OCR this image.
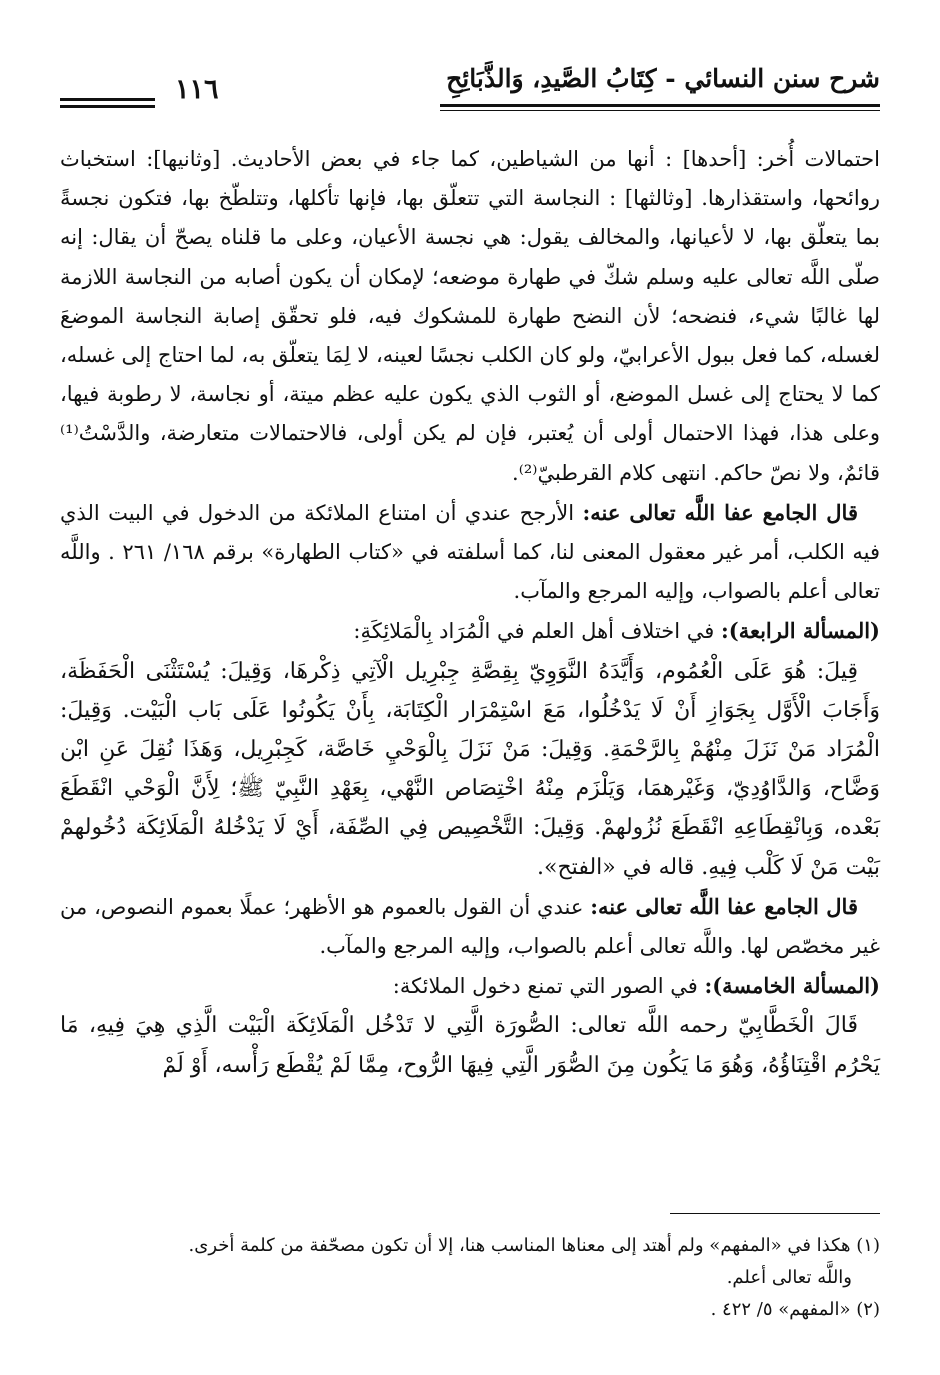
شرح سنن النسائي - كِتَابُ الصَّيدِ، وَالذَّبَائِحِ
١١٦

احتمالات أُخر: [أحدها] : أنها من الشياطين، كما جاء في بعض الأحاديث. [وثانيها]: استخباث روائحها، واستقذارها. [وثالثها] : النجاسة التي تتعلّق بها، فإنها تأكلها، وتتلطّخ بها، فتكون نجسةً بما يتعلّق بها، لا لأعيانها، والمخالف يقول: هي نجسة الأعيان، وعلى ما قلناه يصحّ أن يقال: إنه صلّى اللَّه تعالى عليه وسلم شكّ في طهارة موضعه؛ لإمكان أن يكون أصابه من النجاسة اللازمة لها غالبًا شيء، فنضحه؛ لأن النضح طهارة للمشكوك فيه، فلو تحقّق إصابة النجاسة الموضعَ لغسله، كما فعل ببول الأعرابيّ، ولو كان الكلب نجسًا لعينه، لا لِمَا يتعلّق به، لما احتاج إلى غسله، كما لا يحتاج إلى غسل الموضع، أو الثوب الذي يكون عليه عظم ميتة، أو نجاسة، لا رطوبة فيها، وعلى هذا، فهذا الاحتمال أولى أن يُعتبر، فإن لم يكن أولى، فالاحتمالات متعارضة، والدَّسْتُ⁽¹⁾ قائمٌ، ولا نصّ حاكم. انتهى كلام القرطبيّ⁽²⁾.

قال الجامع عفا اللَّه تعالى عنه: الأرجح عندي أن امتناع الملائكة من الدخول في البيت الذي فيه الكلب، أمر غير معقول المعنى لنا، كما أسلفته في «كتاب الطهارة» برقم ١٦٨/ ٢٦١ . واللَّه تعالى أعلم بالصواب، وإليه المرجع والمآب.

(المسألة الرابعة): في اختلاف أهل العلم في الْمُرَاد بِالْمَلائِكَةِ:

قِيلَ: هُوَ عَلَى الْعُمُوم، وَأَيَّدَهُ النَّوَوِيّ بِقِصَّةِ جِبْرِيل الْآتِي ذِكْرهَا، وَقِيلَ: يُسْتَثْنَى الْحَفَظَة، وَأَجَابَ الْأَوَّل بِجَوَازِ أَنْ لَا يَدْخُلُوا، مَعَ اسْتِمْرَار الْكِتَابَة، بِأَنْ يَكُونُوا عَلَى بَاب الْبَيْت. وَقِيلَ: الْمُرَاد مَنْ نَزَلَ مِنْهُمْ بِالرَّحْمَةِ. وَقِيلَ: مَنْ نَزَلَ بِالْوَحْيِ خَاصَّة، كَجِبْرِيل، وَهَذَا نُقِلَ عَنِ ابْن وَضَّاح، وَالدَّاوُدِيّ، وَغَيْرهمَا، وَيَلْزَم مِنْهُ اخْتِصَاص النَّهْي، بِعَهْدِ النَّبِيّ ﷺ؛ لِأَنَّ الْوَحْي انْقَطَعَ بَعْده، وَبِانْقِطَاعِهِ انْقَطَعَ نُزُولهمْ. وَقِيلَ: التَّخْصِيص فِي الصِّفَة، أَيْ لَا يَدْخُلهُ الْمَلَائِكَة دُخُولهمْ بَيْت مَنْ لَا كَلْب فِيهِ. قاله في «الفتح».

قال الجامع عفا اللَّه تعالى عنه: عندي أن القول بالعموم هو الأظهر؛ عملًا بعموم النصوص، من غير مخصّص لها. واللَّه تعالى أعلم بالصواب، وإليه المرجع والمآب.

(المسألة الخامسة): في الصور التي تمنع دخول الملائكة:

قَالَ الْخَطَّابِيّ رحمه اللَّه تعالى: الصُّورَة الَّتِي لا تَدْخُل الْمَلَائِكَة الْبَيْت الَّذِي هِيَ فِيهِ، مَا يَحْرُم اقْتِنَاؤُهُ، وَهُوَ مَا يَكُون مِنَ الصُّوَر الَّتِي فِيهَا الرُّوح، مِمَّا لَمْ يُقْطَع رَأْسه، أَوْ لَمْ

(١) هكذا في «المفهم» ولم أهتد إلى معناها المناسب هنا، إلا أن تكون مصحّفة من كلمة أخرى.

واللَّه تعالى أعلم.

(٢) «المفهم» ٥/ ٤٢٢ .
